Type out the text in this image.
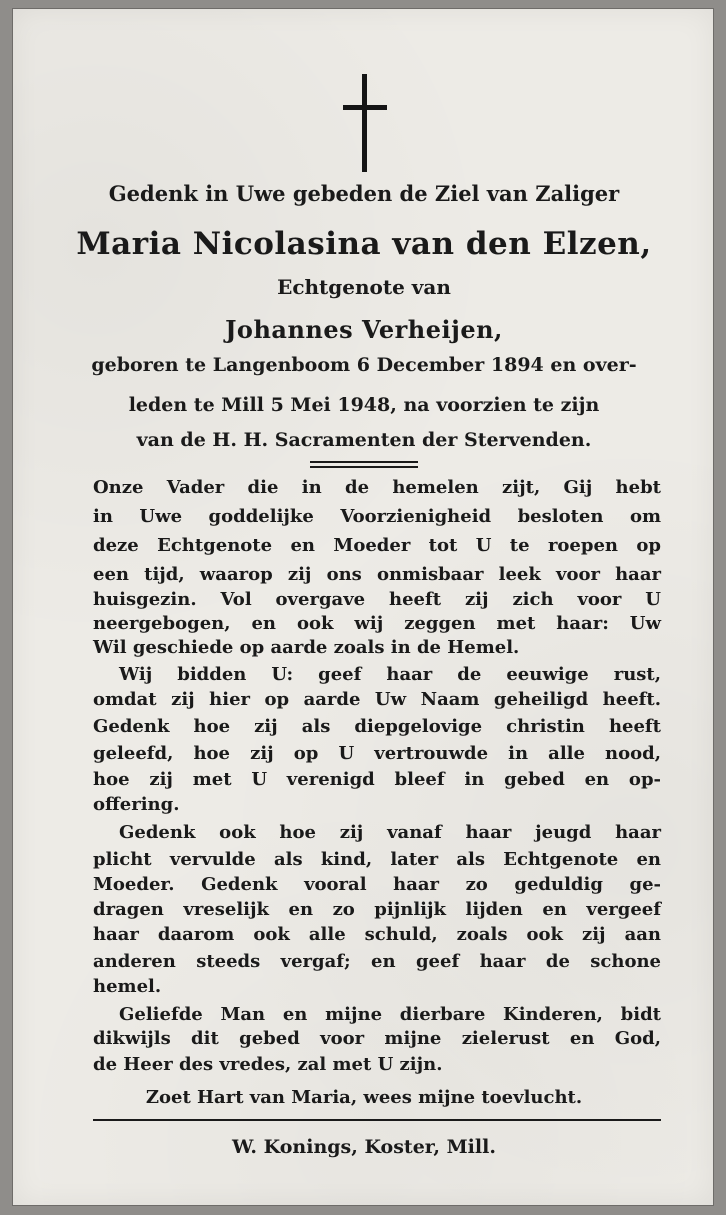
Gedenk in Uwe gebeden de Ziel van Zaliger
Maria Nicolasina van den Elzen,
Echtgenote van
Johannes Verheijen,
geboren te Langenboom 6 December 1894 en over-
leden te Mill 5 Mei 1948, na voorzien te zijn
van de H. H. Sacramenten der Stervenden.
Onze Vader die in de hemelen zijt, Gij hebt
in Uwe goddelijke Voorzienigheid besloten om
deze Echtgenote en Moeder tot U te roepen op
een tijd, waarop zij ons onmisbaar leek voor haar
huisgezin. Vol overgave heeft zij zich voor U
neergebogen, en ook wij zeggen met haar: Uw
Wil geschiede op aarde zoals in de Hemel.
Wij bidden U: geef haar de eeuwige rust,
omdat zij hier op aarde Uw Naam geheiligd heeft.
Gedenk hoe zij als diepgelovige christin heeft
geleefd, hoe zij op U vertrouwde in alle nood,
hoe zij met U verenigd bleef in gebed en op-
offering.
Gedenk ook hoe zij vanaf haar jeugd haar
plicht vervulde als kind, later als Echtgenote en
Moeder. Gedenk vooral haar zo geduldig ge-
dragen vreselijk en zo pijnlijk lijden en vergeef
haar daarom ook alle schuld, zoals ook zij aan
anderen steeds vergaf; en geef haar de schone
hemel.
Geliefde Man en mijne dierbare Kinderen, bidt
dikwijls dit gebed voor mijne zielerust en God,
de Heer des vredes, zal met U zijn.
Zoet Hart van Maria, wees mijne toevlucht.
W. Konings, Koster, Mill.
